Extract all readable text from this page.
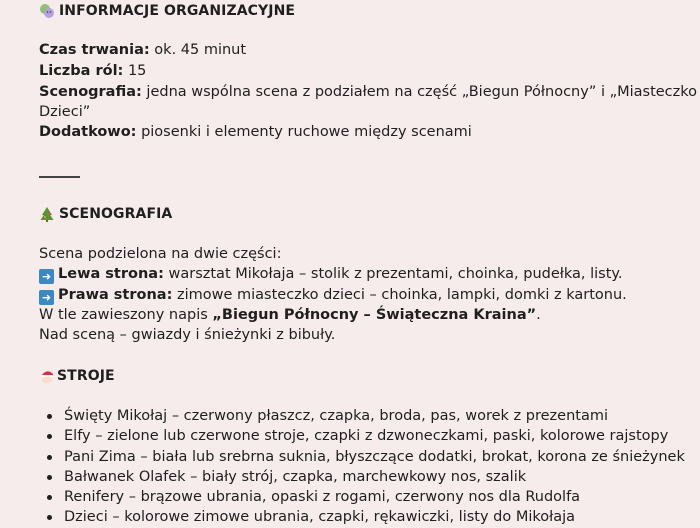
INFORMACJE ORGANIZACYJNE
Czas trwania: ok. 45 minut
Liczba ról: 15
Scenografia: jedna wspólna scena z podziałem na część „Biegun Północny” i „Miasteczko
Dzieci”
Dodatkowo: piosenki i elementy ruchowe między scenami
SCENOGRAFIA
Scena podzielona na dwie części:
➜ Lewa strona: warsztat Mikołaja – stolik z prezentami, choinka, pudełka, listy.
➜ Prawa strona: zimowe miasteczko dzieci – choinka, lampki, domki z kartonu.
W tle zawieszony napis „Biegun Północny – Świąteczna Kraina”.
Nad sceną – gwiazdy i śnieżynki z bibuły.
STROJE
Święty Mikołaj – czerwony płaszcz, czapka, broda, pas, worek z prezentami
Elfy – zielone lub czerwone stroje, czapki z dzwoneczkami, paski, kolorowe rajstopy
Pani Zima – biała lub srebrna suknia, błyszczące dodatki, brokat, korona ze śnieżynek
Bałwanek Olafek – biały strój, czapka, marchewkowy nos, szalik
Renifery – brązowe ubrania, opaski z rogami, czerwony nos dla Rudolfa
Dzieci – kolorowe zimowe ubrania, czapki, rękawiczki, listy do Mikołaja
